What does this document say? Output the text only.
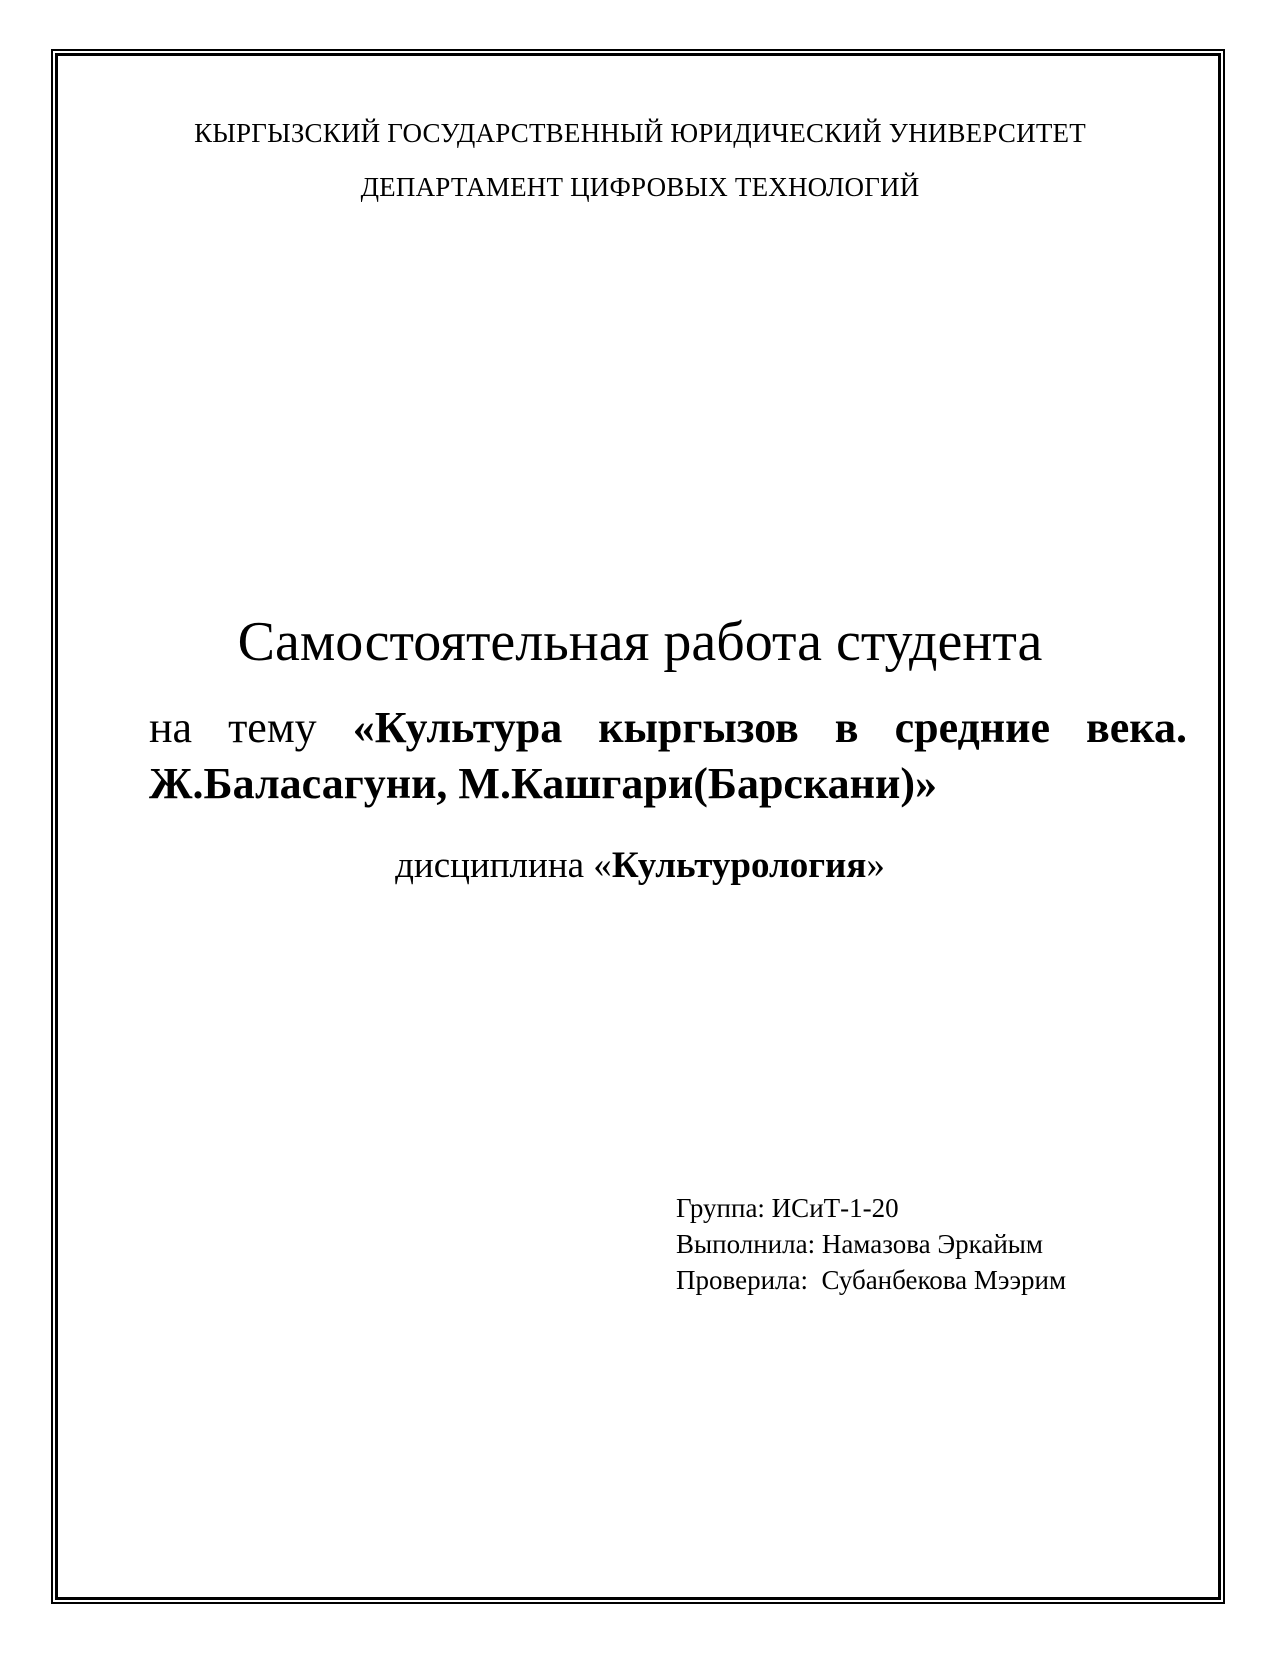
КЫРГЫЗСКИЙ ГОСУДАРСТВЕННЫЙ ЮРИДИЧЕСКИЙ УНИВЕРСИТЕТ
ДЕПАРТАМЕНТ ЦИФРОВЫХ ТЕХНОЛОГИЙ
Самостоятельная работа студента
на тему «Культура кыргызов в средние века. Ж.Баласагуни, М.Кашгари(Барскани)»
дисциплина «Культурология»
Группа: ИСиТ-1-20
Выполнила: Намазова Эркайым
Проверила:  Субанбекова Мээрим
